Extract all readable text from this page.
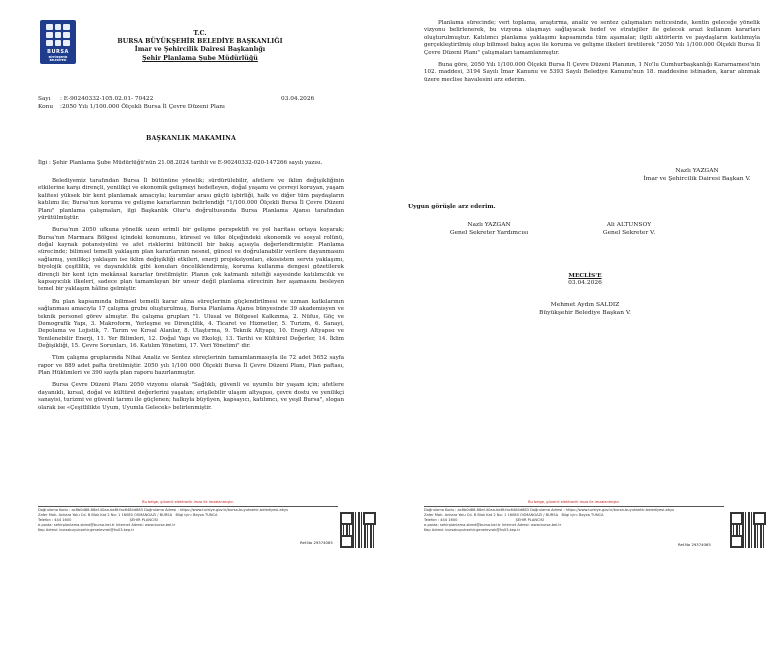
BURSA
BÜYÜKŞEHİR BELEDİYESİ
T.C.
BURSA BÜYÜKŞEHİR BELEDİYE BAŞKANLIĞI
İmar ve Şehircilik Dairesi Başkanlığı
Şehir Planlama Şube Müdürlüğü
Sayı : E-90240332-105.02.01- 70422	03.04.2026
Konu :2050 Yılı 1/100.000 Ölçekli Bursa İl Çevre Düzeni Planı
BAŞKANLIK MAKAMINA
İlgi : Şehir Planlama Şube Müdürlüğü'nün 21.08.2024 tarihli ve E-90240332-020-147266 sayılı yazısı.

Belediyemiz tarafından Bursa İl bütününe yönelik; sürdürülebilir, afetlere ve iklim değişikliğinin etkilerine karşı dirençli, yenilikçi ve ekonomik gelişmeyi hedefleyen, doğal yaşamı ve çevreyi koruyan, yaşam kalitesi yüksek bir kent planlamak amacıyla; kurumlar arası güçlü işbirliği, halk ve diğer tüm paydaşların katılımı ile; Bursa'nın koruma ve gelişme kararlarının belirlendiği "1/100.000 Ölçekli Bursa İl Çevre Düzeni Planı" planlama çalışmaları, ilgi Başkanlık Olur'u doğrultusunda Bursa Planlama Ajansı tarafından yürütülmüştür.

Bursa'nın 2050 ufkuna yönelik uzun erimli bir gelişme perspektifi ve yol haritası ortaya koyarak; Bursa'nın Marmara Bölgesi içindeki konumunu, küresel ve ülke ölçeğindeki ekonomik ve sosyal rolünü, doğal kaynak potansiyelini ve afet risklerini bütüncül bir bakış açısıyla değerlendirmiştir. Planlama sürecinde; bilimsel temelli yaklaşım plan kararlarının nesnel, güncel ve doğrulanabilir verilere dayanmasını sağlamış, yenilikçi yaklaşım ise iklim değişikliği etkileri, enerji projeksiyonları, ekosistem servis yaklaşımı, biyolojik çeşitlilik, ve dayanıklılık gibi konuları önceliklendirmiş, koruma kullanma dengesi gözetilerek dirençli bir kent için mekânsal kararlar üretilmiştir. Planın çok katmanlı niteliği sayesinde katılımcılık ve kapsayıcılık ilkeleri, sadece plan tamamlayan bir unsur değil planlama sürecinin her aşamasını besleyen temel bir yaklaşım hâline gelmiştir.

Bu plan kapsamında bilimsel temelli karar alma süreçlerinin güçlendirilmesi ve uzman katkılarının sağlanması amacıyla 17 çalışma grubu oluşturulmuş, Bursa Planlama Ajansı bünyesinde 39 akademisyen ve teknik personel görev almıştır. Bu çalışma grupları "1. Ulusal ve Bölgesel Kalkınma, 2. Nüfus, Göç ve Demografik Yapı, 3. Makroform, Yerleşme ve Dirençlilik, 4. Ticaret ve Hizmetler, 5. Turizm, 6. Sanayi, Depolama ve Lojistik, 7. Tarım ve Kırsal Alanlar, 8. Ulaştırma, 9. Teknik Altyapı, 10. Enerji Altyapısı ve Yenilenebilir Enerji, 11. Yer Bilimleri, 12. Doğal Yapı ve Ekoloji, 13. Tarihi ve Kültürel Değerler, 14. İklim Değişikliği, 15. Çevre Sorunları, 16. Katılım Yönetimi, 17. Veri Yönetimi" dir.

Tüm çalışma gruplarında Nihai Analiz ve Sentez süreçlerinin tamamlanmasıyla ile 72 adet 5652 sayfa rapor ve 889 adet pafta üretilmiştir. 2050 yılı 1/100 000 Ölçekli Bursa İl Çevre Düzeni Planı, Plan paftası, Plan Hükümleri ve 390 sayfa plan raporu hazırlanmıştır.

Bursa Çevre Düzeni Planı 2050 vizyonu olarak "Sağlıklı, güvenli ve uyumlu bir yaşam için; afetlere dayanıklı, kırsal, doğal ve kültürel değerlerini yaşatan; erişilebilir ulaşım altyapısı, çevre dostu ve yenilikçi sanayisi, turizmi ve güvenli tarımı ile güçlenen; halkıyla büyüyen, kapsayıcı, katılımcı, ve yeşil Bursa", slogan olarak ise «Çeşitlilikte Uyum, Uyumla Gelecek» belirlenmiştir.

Bu belge, güvenli elektronik imza ile imzalanmıştır.
Doğrulama Kodu : ac8b0d88-86ef-40aa-be8f-fac6484d883 Doğrulama Adresi : https://www.turkiye.gov.tr/bursa-buyuksehir-belediyesi-ebys
Zafer Mah. Ankara Yolu Cd. B Blok Kat 2 No: 1 16080 OSMANGAZİ / BURSA Bilgi için: Beyza TUNCA
Telefon : 444 1600	ŞEHİR PLANCISI
e-posta: sehirplanlama.sbmd@bursa.bel.tr İnternet Adresi: www.bursa.bel.tr
Kep Adresi: bursabuyuksehir.genelevrak@hs03.kep.tr
Ref.No 29374065

Planlama sürecinde; veri toplama, araştırma, analiz ve sentez çalışmaları neticesinde, kentin geleceğe yönelik vizyonu belirlenerek, bu vizyona ulaşmayı sağlayacak hedef ve stratejiler ile gelecek arazi kullanım kararları oluşturulmuştur. Katılımcı planlama yaklaşımı kapsamında tüm aşamalar, ilgili aktörlerin ve paydaşların katılımıyla gerçekleştirilmiş olup bilimsel bakış açısı ile koruma ve gelişme ilkeleri üretilerek "2050 Yılı 1/100.000 Ölçekli Bursa İl Çevre Düzeni Planı" çalışmaları tamamlanmıştır.

Buna göre, 2050 Yılı 1/100.000 Ölçekli Bursa İl Çevre Düzeni Planının, 1 No'lu Cumhurbaşkanlığı Kararnamesi'nin 102. maddesi, 3194 Sayılı İmar Kanunu ve 5393 Sayılı Belediye Kanunu'nun 18. maddesine istinaden, karar alınmak üzere meclise havalesini arz ederim.

Nazlı YAZGAN
İmar ve Şehircilik Dairesi Başkan V.
Uygun görüşle arz ederim.
Nazlı YAZGAN
Genel Sekreter Yardımcısı
Ali ALTUNSOY
Genel Sekreter V.
MECLİS'E
03.04.2026
Mehmet Aydın SALDIZ
Büyükşehir Belediye Başkan V.
Bu belge, güvenli elektronik imza ile imzalanmıştır.
Doğrulama Kodu : ac8b0d88-86ef-40aa-be8f-fac6484d883 Doğrulama Adresi : https://www.turkiye.gov.tr/bursa-buyuksehir-belediyesi-ebys
Zafer Mah. Ankara Yolu Cd. B Blok Kat 2 No: 1 16080 OSMANGAZİ / BURSA Bilgi için: Beyza TUNCA
Telefon : 444 1600	ŞEHİR PLANCISI
e-posta: sehirplanlama.sbmd@bursa.bel.tr İnternet Adresi: www.bursa.bel.tr
Kep Adresi: bursabuyuksehir.genelevrak@hs03.kep.tr
Ref.No 29374065
